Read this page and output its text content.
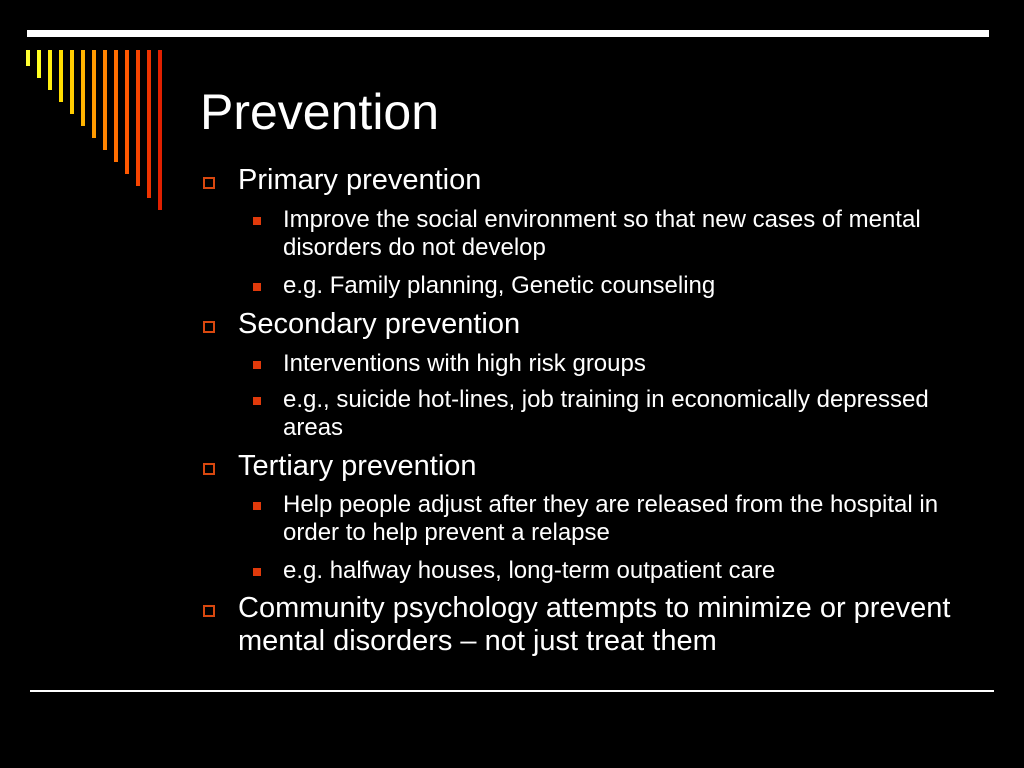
Prevention
Primary prevention
Improve the social environment so that new cases of mental disorders do not develop
e.g. Family planning, Genetic counseling
Secondary prevention
Interventions with high risk groups
e.g., suicide hot-lines, job training in economically depressed areas
Tertiary prevention
Help people adjust after they are released from the hospital in order to help prevent a relapse
e.g. halfway houses, long-term outpatient care
Community psychology attempts to minimize or prevent mental disorders – not just treat them
